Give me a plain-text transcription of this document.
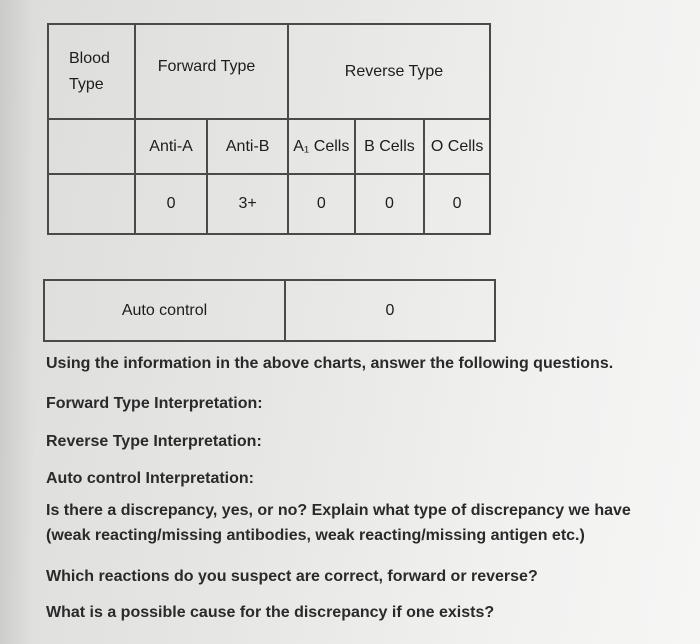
Blood Type	Forward Type		Reverse Type		
	Anti-A	Anti-B	A₁ Cells	B Cells	O Cells
	0	3+	0	0	0
Auto control	0
Using the information in the above charts, answer the following questions.
Forward Type Interpretation:
Reverse Type Interpretation:
Auto control Interpretation:
Is there a discrepancy, yes, or no? Explain what type of discrepancy we have (weak reacting/missing antibodies, weak reacting/missing antigen etc.)
Which reactions do you suspect are correct, forward or reverse?
What is a possible cause for the discrepancy if one exists?
